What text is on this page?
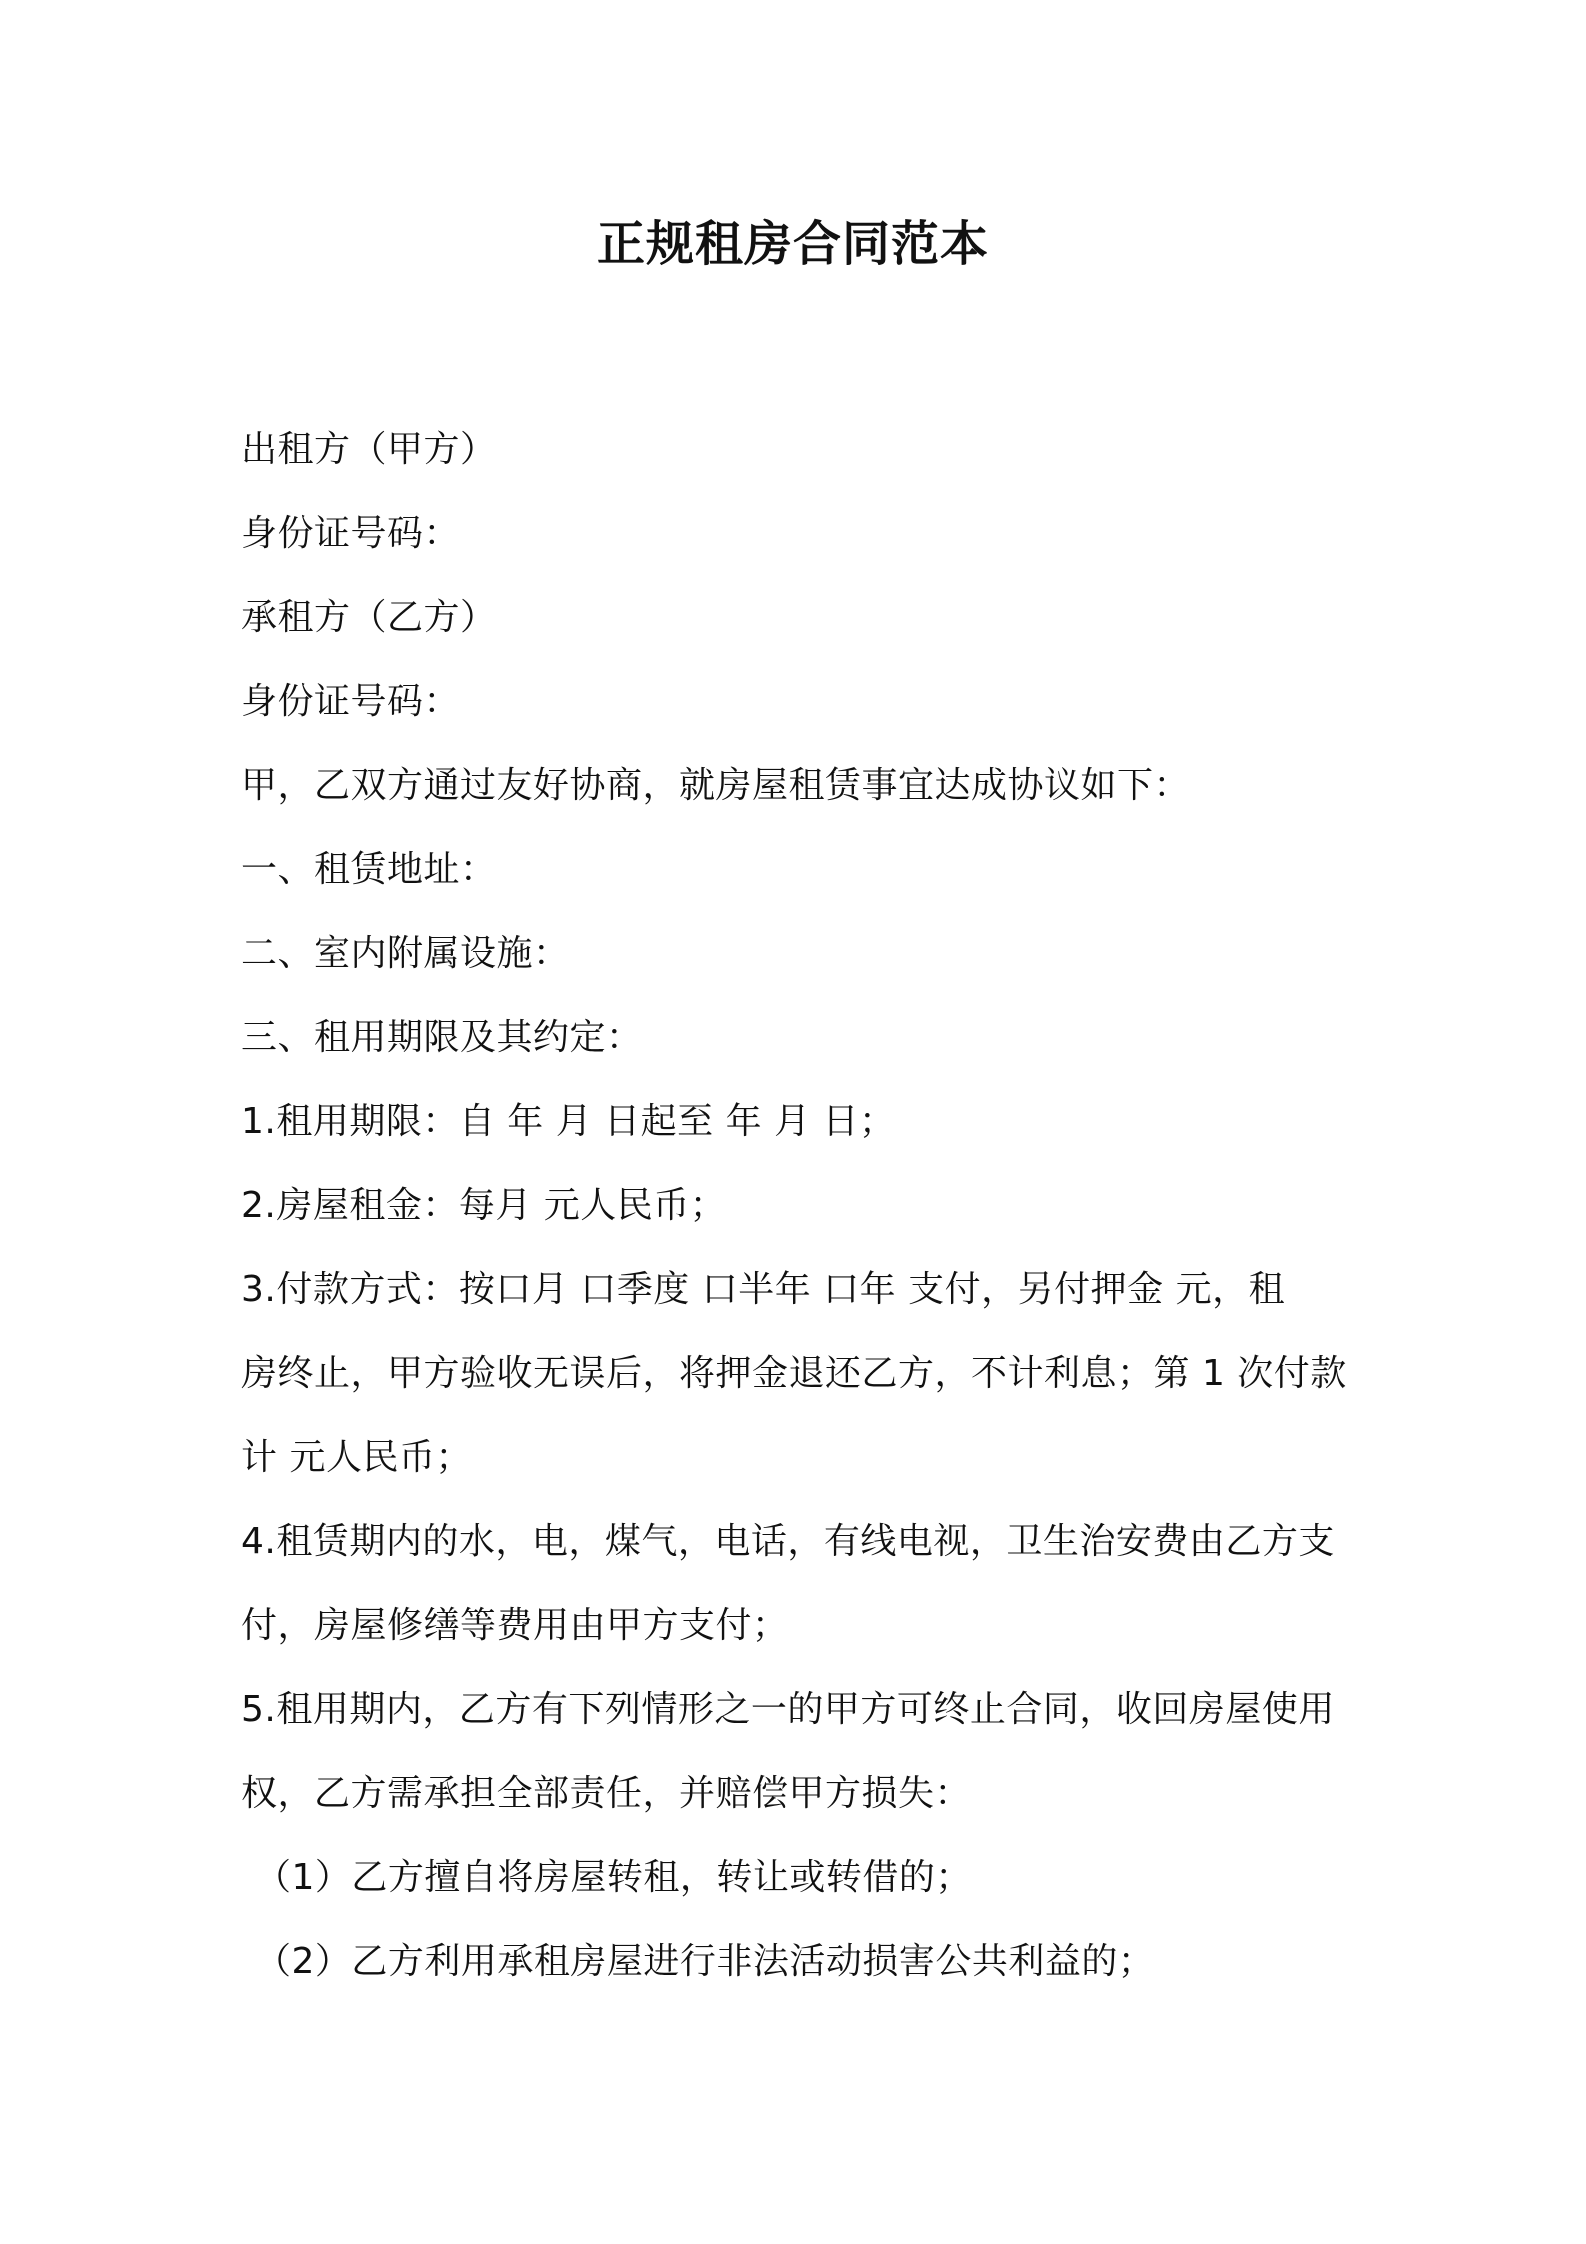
正规租房合同范本
出租方（甲方）
身份证号码：
承租方（乙方）
身份证号码：
甲，乙双方通过友好协商，就房屋租赁事宜达成协议如下：
一、租赁地址：
二、室内附属设施：
三、租用期限及其约定：
1.租用期限：自 年 月 日起至 年 月 日；
2.房屋租金：每月 元人民币；
3.付款方式：按口月 口季度 口半年 口年 支付，另付押金 元，租
房终止，甲方验收无误后，将押金退还乙方，不计利息；第 1 次付款
计 元人民币；
4.租赁期内的水，电，煤气，电话，有线电视，卫生治安费由乙方支
付，房屋修缮等费用由甲方支付；
5.租用期内，乙方有下列情形之一的甲方可终止合同，收回房屋使用
权，乙方需承担全部责任，并赔偿甲方损失：
（1）乙方擅自将房屋转租，转让或转借的；
（2）乙方利用承租房屋进行非法活动损害公共利益的；
